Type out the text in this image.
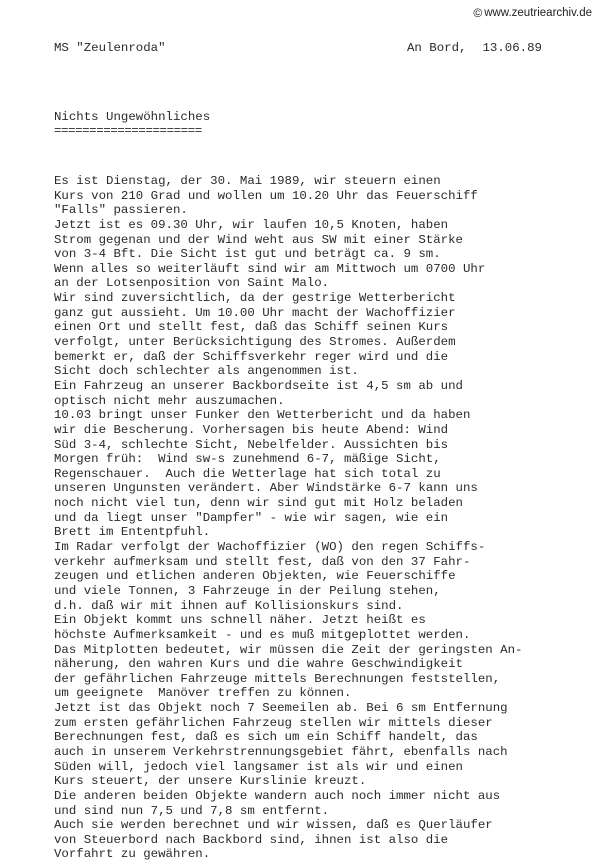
© www.zeutriearchiv.de
MS "Zeulenroda"	An Bord, 13.06.89
Nichts Ungewöhnliches
=====================
Es ist Dienstag, der 30. Mai 1989, wir steuern einen
Kurs von 210 Grad und wollen um 10.20 Uhr das Feuerschiff
"Falls" passieren.
Jetzt ist es 09.30 Uhr, wir laufen 10,5 Knoten, haben
Strom gegenan und der Wind weht aus SW mit einer Stärke
von 3-4 Bft. Die Sicht ist gut und beträgt ca. 9 sm.
Wenn alles so weiterläuft sind wir am Mittwoch um 0700 Uhr
an der Lotsenposition von Saint Malo.
Wir sind zuversichtlich, da der gestrige Wetterbericht
ganz gut aussieht. Um 10.00 Uhr macht der Wachoffizier
einen Ort und stellt fest, daß das Schiff seinen Kurs
verfolgt, unter Berücksichtigung des Stromes. Außerdem
bemerkt er, daß der Schiffsverkehr reger wird und die
Sicht doch schlechter als angenommen ist.
Ein Fahrzeug an unserer Backbordseite ist 4,5 sm ab und
optisch nicht mehr auszumachen.
10.03 bringt unser Funker den Wetterbericht und da haben
wir die Bescherung. Vorhersagen bis heute Abend: Wind
Süd 3-4, schlechte Sicht, Nebelfelder. Aussichten bis
Morgen früh:  Wind sw-s zunehmend 6-7, mäßige Sicht,
Regenschauer.  Auch die Wetterlage hat sich total zu
unseren Ungunsten verändert. Aber Windstärke 6-7 kann uns
noch nicht viel tun, denn wir sind gut mit Holz beladen
und da liegt unser "Dampfer" - wie wir sagen, wie ein
Brett im Ententpfuhl.
Im Radar verfolgt der Wachoffizier (WO) den regen Schiffs-
verkehr aufmerksam und stellt fest, daß von den 37 Fahr-
zeugen und etlichen anderen Objekten, wie Feuerschiffe
und viele Tonnen, 3 Fahrzeuge in der Peilung stehen,
d.h. daß wir mit ihnen auf Kollisionskurs sind.
Ein Objekt kommt uns schnell näher. Jetzt heißt es
höchste Aufmerksamkeit - und es muß mitgeplottet werden.
Das Mitplotten bedeutet, wir müssen die Zeit der geringsten An-
näherung, den wahren Kurs und die wahre Geschwindigkeit
der gefährlichen Fahrzeuge mittels Berechnungen feststellen,
um geeignete  Manöver treffen zu können.
Jetzt ist das Objekt noch 7 Seemeilen ab. Bei 6 sm Entfernung
zum ersten gefährlichen Fahrzeug stellen wir mittels dieser
Berechnungen fest, daß es sich um ein Schiff handelt, das
auch in unserem Verkehrstrennungsgebiet fährt, ebenfalls nach
Süden will, jedoch viel langsamer ist als wir und einen
Kurs steuert, der unsere Kurslinie kreuzt.
Die anderen beiden Objekte wandern auch noch immer nicht aus
und sind nun 7,5 und 7,8 sm entfernt.
Auch sie werden berechnet und wir wissen, daß es Querläufer
von Steuerbord nach Backbord sind, ihnen ist also die
Vorfahrt zu gewähren.
